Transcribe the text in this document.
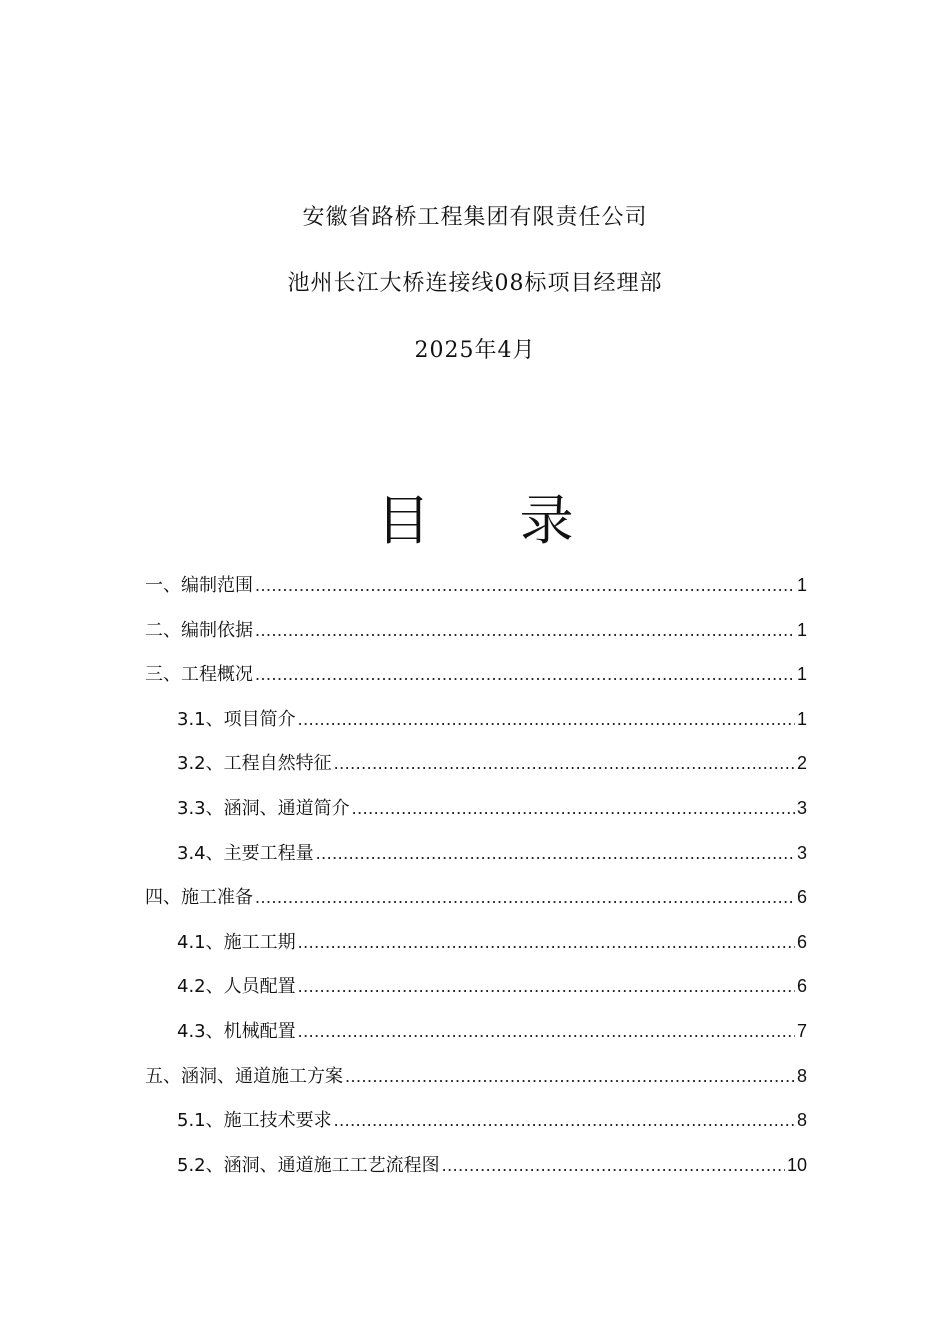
安徽省路桥工程集团有限责任公司
池州长江大桥连接线08标项目经理部
2025年4月
目 录
一、编制范围 .....	1
二、编制依据 .....	1
三、工程概况 .....	1
3.1、项目简介 .....	1
3.2、工程自然特征 .....	2
3.3、涵洞、通道简介 .....	3
3.4、主要工程量 .....	3
四、施工准备 .....	6
4.1、施工工期 .....	6
4.2、人员配置 .....	6
4.3、机械配置 .....	7
五、涵洞、通道施工方案 .....	8
5.1、施工技术要求 .....	8
5.2、涵洞、通道施工工艺流程图 .....	10
